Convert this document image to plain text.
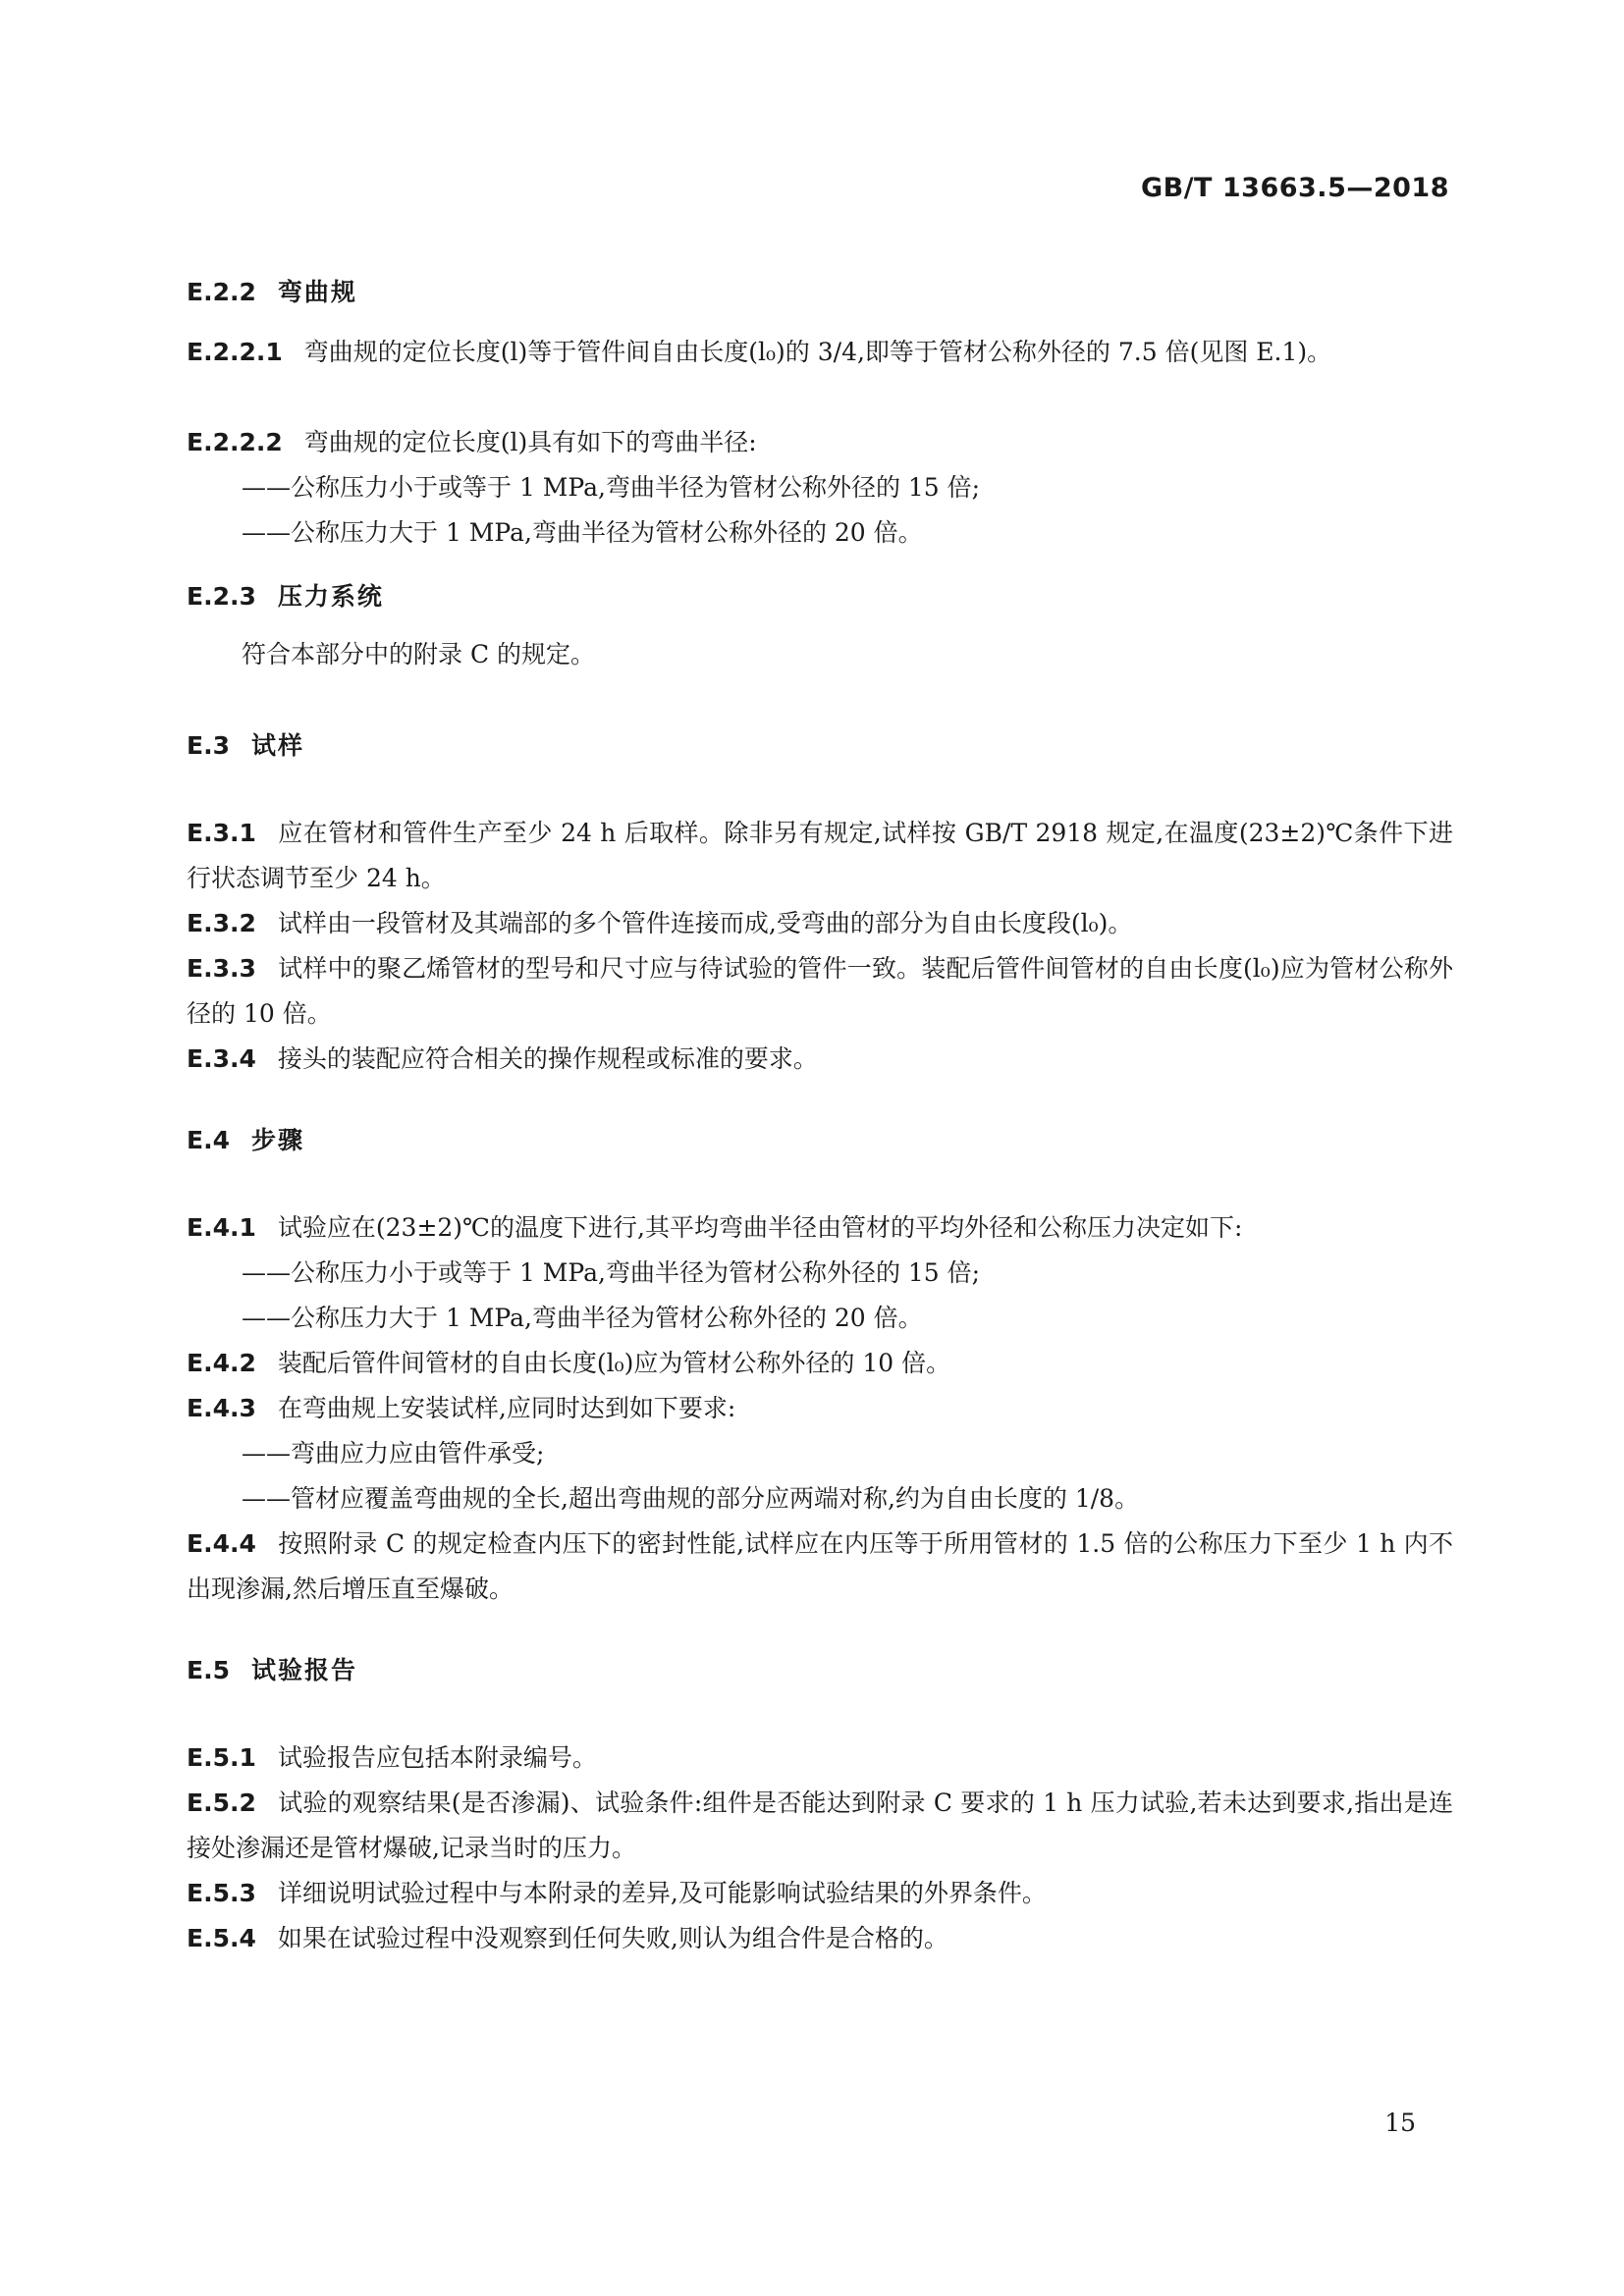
GB/T 13663.5—2018
E.2.2 弯曲规
E.2.2.1 弯曲规的定位长度(l)等于管件间自由长度(l₀)的 3/4,即等于管材公称外径的 7.5 倍(见图 E.1)。
E.2.2.2 弯曲规的定位长度(l)具有如下的弯曲半径:
——公称压力小于或等于 1 MPa,弯曲半径为管材公称外径的 15 倍;
——公称压力大于 1 MPa,弯曲半径为管材公称外径的 20 倍。
E.2.3 压力系统
符合本部分中的附录 C 的规定。
E.3 试样
E.3.1 应在管材和管件生产至少 24 h 后取样。除非另有规定,试样按 GB/T 2918 规定,在温度(23±2)℃条件下进行状态调节至少 24 h。
E.3.2 试样由一段管材及其端部的多个管件连接而成,受弯曲的部分为自由长度段(l₀)。
E.3.3 试样中的聚乙烯管材的型号和尺寸应与待试验的管件一致。装配后管件间管材的自由长度(l₀)应为管材公称外径的 10 倍。
E.3.4 接头的装配应符合相关的操作规程或标准的要求。
E.4 步骤
E.4.1 试验应在(23±2)℃的温度下进行,其平均弯曲半径由管材的平均外径和公称压力决定如下:
——公称压力小于或等于 1 MPa,弯曲半径为管材公称外径的 15 倍;
——公称压力大于 1 MPa,弯曲半径为管材公称外径的 20 倍。
E.4.2 装配后管件间管材的自由长度(l₀)应为管材公称外径的 10 倍。
E.4.3 在弯曲规上安装试样,应同时达到如下要求:
——弯曲应力应由管件承受;
——管材应覆盖弯曲规的全长,超出弯曲规的部分应两端对称,约为自由长度的 1/8。
E.4.4 按照附录 C 的规定检查内压下的密封性能,试样应在内压等于所用管材的 1.5 倍的公称压力下至少 1 h 内不出现渗漏,然后增压直至爆破。
E.5 试验报告
E.5.1 试验报告应包括本附录编号。
E.5.2 试验的观察结果(是否渗漏)、试验条件:组件是否能达到附录 C 要求的 1 h 压力试验,若未达到要求,指出是连接处渗漏还是管材爆破,记录当时的压力。
E.5.3 详细说明试验过程中与本附录的差异,及可能影响试验结果的外界条件。
E.5.4 如果在试验过程中没观察到任何失败,则认为组合件是合格的。
15
